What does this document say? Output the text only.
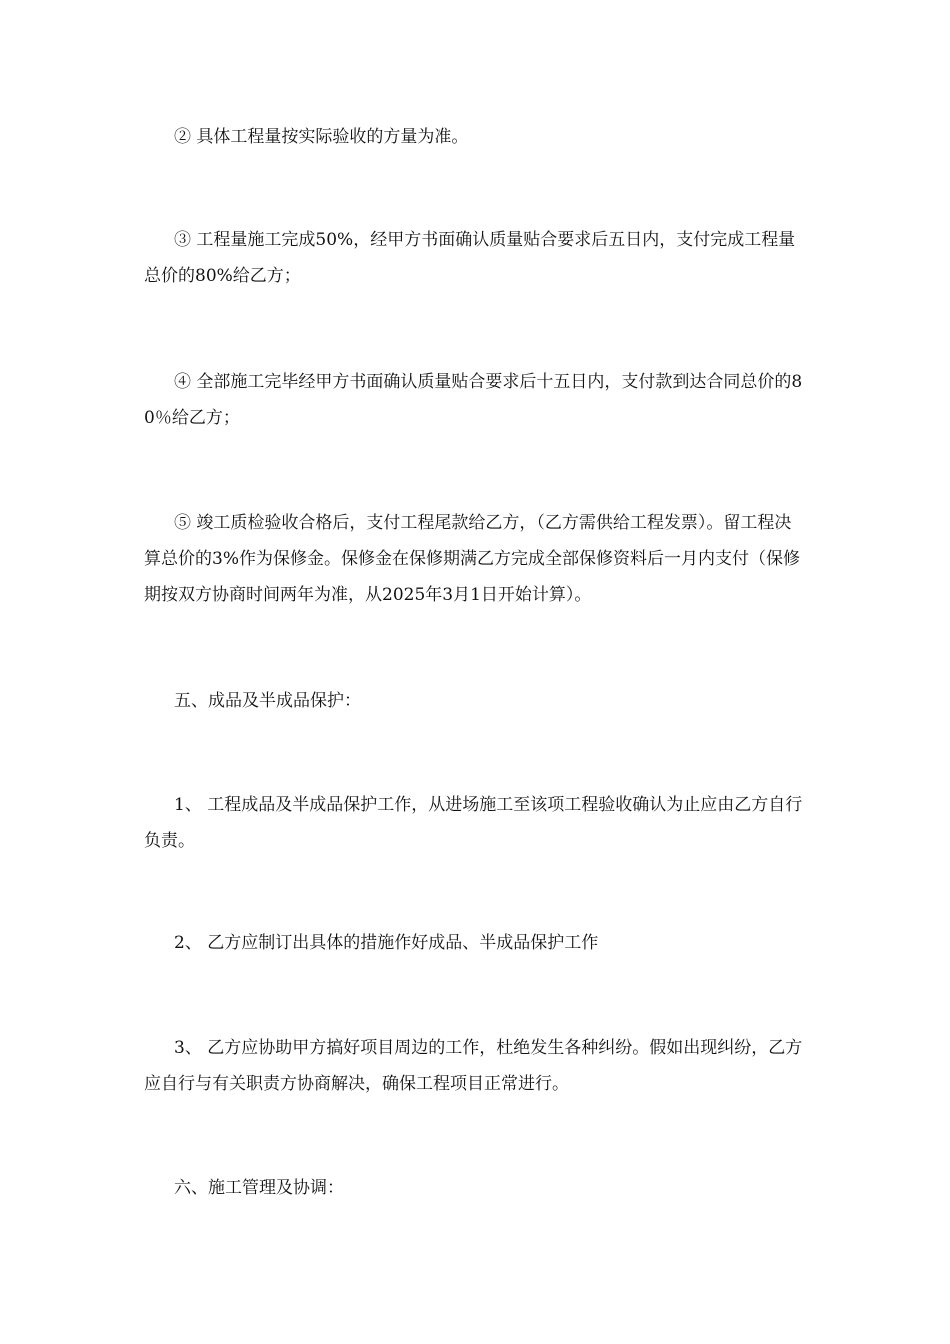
② 具体工程量按实际验收的方量为准。
③ 工程量施工完成50%，经甲方书面确认质量贴合要求后五日内，支付完成工程量总价的80%给乙方；
④ 全部施工完毕经甲方书面确认质量贴合要求后十五日内，支付款到达合同总价的80％给乙方；
⑤ 竣工质检验收合格后，支付工程尾款给乙方，（乙方需供给工程发票）。留工程决算总价的3%作为保修金。保修金在保修期满乙方完成全部保修资料后一月内支付（保修期按双方协商时间两年为准，从2025年3月1日开始计算）。
五、成品及半成品保护：
1、 工程成品及半成品保护工作，从进场施工至该项工程验收确认为止应由乙方自行负责。
2、 乙方应制订出具体的措施作好成品、半成品保护工作
3、 乙方应协助甲方搞好项目周边的工作，杜绝发生各种纠纷。假如出现纠纷，乙方应自行与有关职责方协商解决，确保工程项目正常进行。
六、施工管理及协调：
